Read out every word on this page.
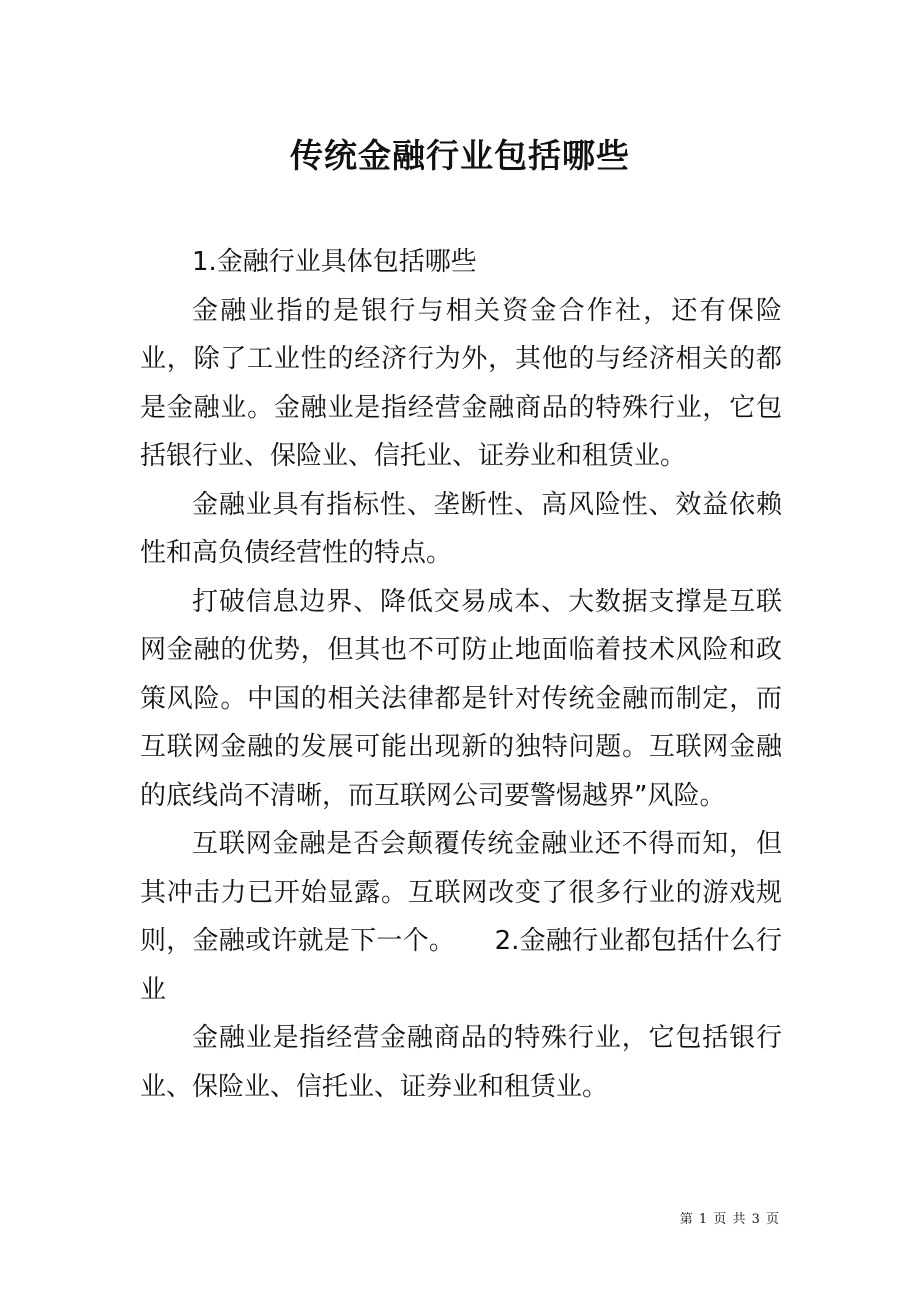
传统金融行业包括哪些

1.金融行业具体包括哪些

金融业指的是银行与相关资金合作社，还有保险业，除了工业性的经济行为外，其他的与经济相关的都是金融业。金融业是指经营金融商品的特殊行业，它包括银行业、保险业、信托业、证券业和租赁业。

金融业具有指标性、垄断性、高风险性、效益依赖性和高负债经营性的特点。

打破信息边界、降低交易成本、大数据支撑是互联网金融的优势，但其也不可防止地面临着技术风险和政策风险。中国的相关法律都是针对传统金融而制定，而互联网金融的发展可能出现新的独特问题。互联网金融的底线尚不清晰，而互联网公司要警惕越界”风险。

互联网金融是否会颠覆传统金融业还不得而知，但其冲击力已开始显露。互联网改变了很多行业的游戏规则，金融或许就是下一个。　　2.金融行业都包括什么行业

金融业是指经营金融商品的特殊行业，它包括银行业、保险业、信托业、证券业和租赁业。

第 1 页 共 3 页
